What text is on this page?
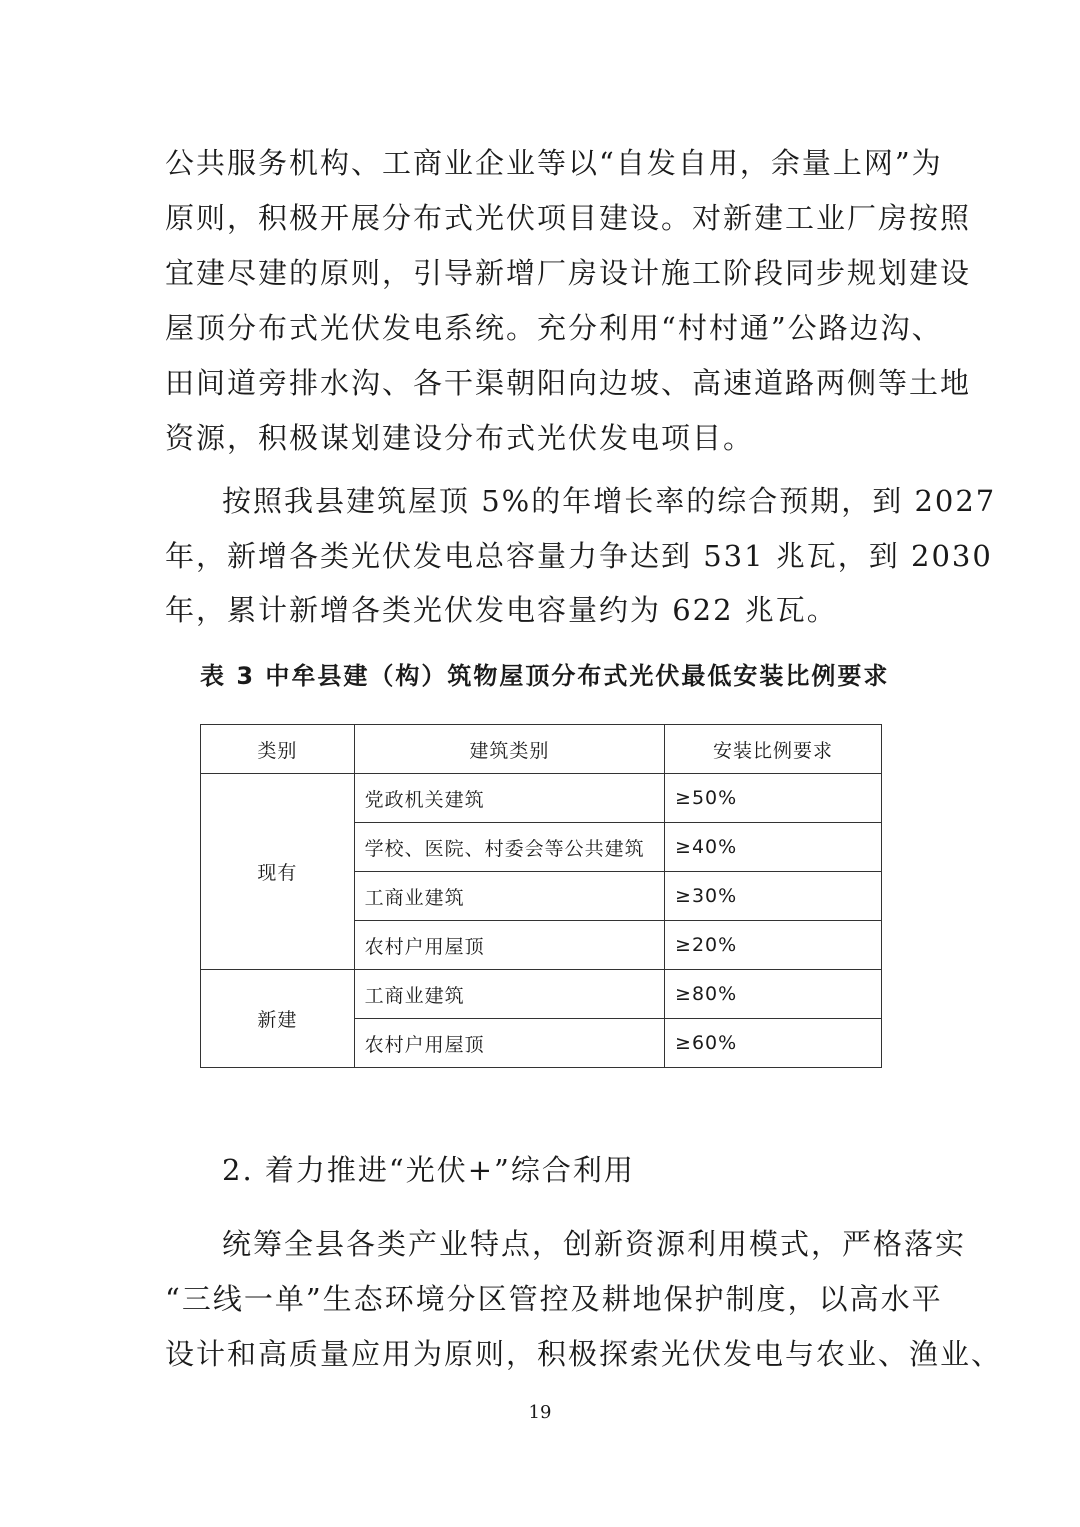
公共服务机构、工商业企业等以“自发自用，余量上网”为
原则，积极开展分布式光伏项目建设。对新建工业厂房按照
宜建尽建的原则，引导新增厂房设计施工阶段同步规划建设
屋顶分布式光伏发电系统。充分利用“村村通”公路边沟、
田间道旁排水沟、各干渠朝阳向边坡、高速道路两侧等土地
资源，积极谋划建设分布式光伏发电项目。
按照我县建筑屋顶 5%的年增长率的综合预期，到 2027
年，新增各类光伏发电总容量力争达到 531 兆瓦，到 2030
年，累计新增各类光伏发电容量约为 622 兆瓦。
表 3 中牟县建（构）筑物屋顶分布式光伏最低安装比例要求
类别	建筑类别	安装比例要求
现有	党政机关建筑	≥50%
	学校、医院、村委会等公共建筑	≥40%
	工商业建筑	≥30%
	农村户用屋顶	≥20%
新建	工商业建筑	≥80%
	农村户用屋顶	≥60%
2. 着力推进“光伏+”综合利用
统筹全县各类产业特点，创新资源利用模式，严格落实
“三线一单”生态环境分区管控及耕地保护制度，以高水平
设计和高质量应用为原则，积极探索光伏发电与农业、渔业、
19
